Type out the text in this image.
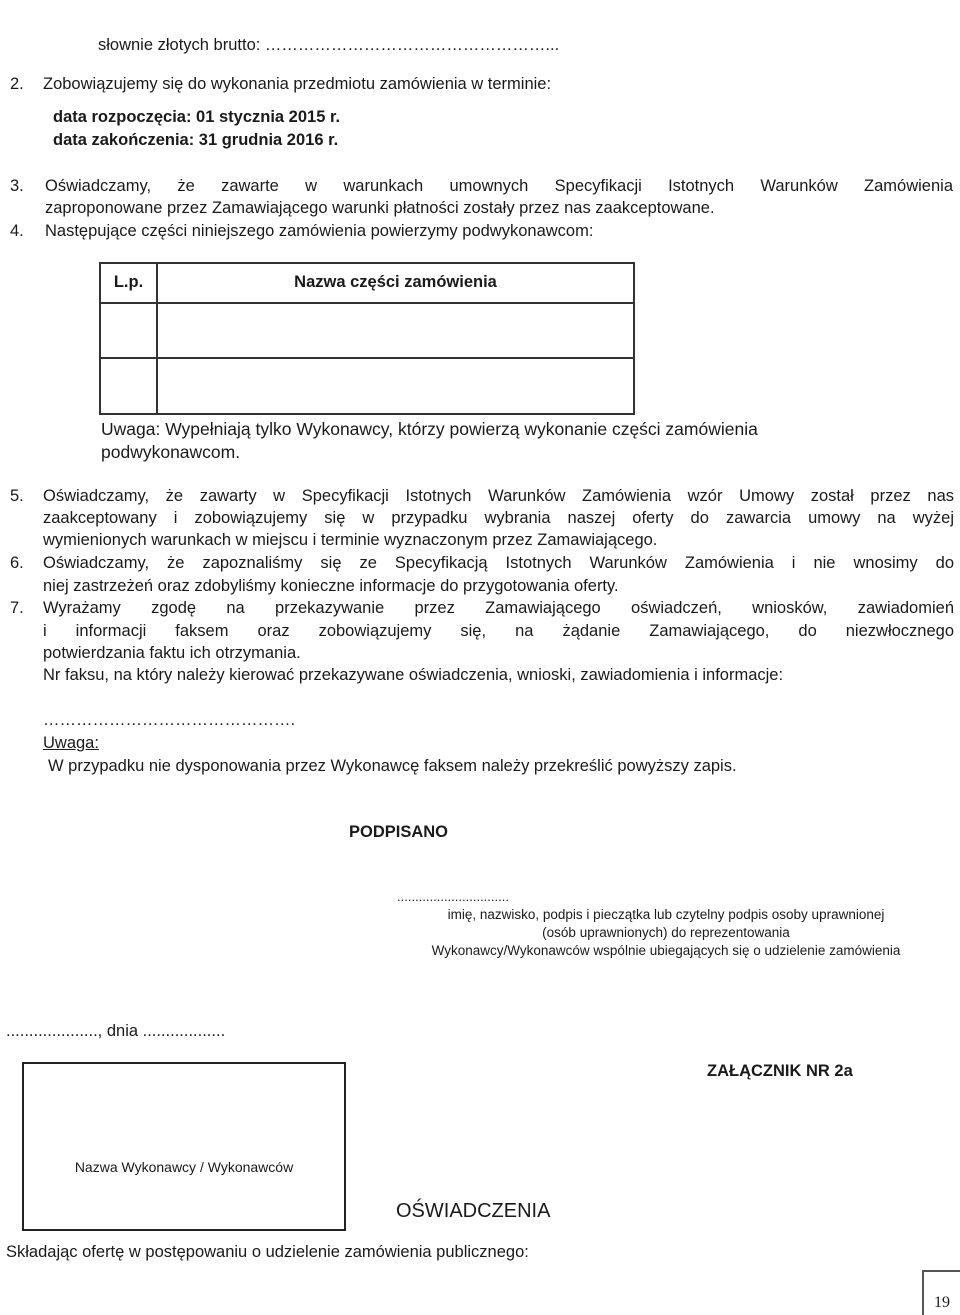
słownie złotych brutto: ……………………………………………...
2. Zobowiązujemy się do wykonania przedmiotu zamówienia w terminie:
data rozpoczęcia: 01 stycznia 2015 r.
data zakończenia: 31 grudnia 2016 r.
3. Oświadczamy, że zawarte w warunkach umownych Specyfikacji Istotnych Warunków Zamówienia
zaproponowane przez Zamawiającego warunki płatności zostały przez nas zaakceptowane.
4. Następujące części niniejszego zamówienia powierzymy podwykonawcom:
L.p.	Nazwa części zamówienia

Uwaga: Wypełniają tylko Wykonawcy, którzy powierzą wykonanie części zamówienia
podwykonawcom.
5. Oświadczamy, że zawarty w Specyfikacji Istotnych Warunków Zamówienia wzór Umowy został przez nas
zaakceptowany i zobowiązujemy się w przypadku wybrania naszej oferty do zawarcia umowy na wyżej
wymienionych warunkach w miejscu i terminie wyznaczonym przez Zamawiającego.
6. Oświadczamy, że zapoznaliśmy się ze Specyfikacją Istotnych Warunków Zamówienia i nie wnosimy do
niej zastrzeżeń oraz zdobyliśmy konieczne informacje do przygotowania oferty.
7. Wyrażamy zgodę na przekazywanie przez Zamawiającego oświadczeń, wniosków, zawiadomień
i informacji faksem oraz zobowiązujemy się, na żądanie Zamawiającego, do niezwłocznego
potwierdzania faktu ich otrzymania.
Nr faksu, na który należy kierować przekazywane oświadczenia, wnioski, zawiadomienia i informacje:
……………………………………….
Uwaga:
W przypadku nie dysponowania przez Wykonawcę faksem należy przekreślić powyższy zapis.
PODPISANO
...............................
imię, nazwisko, podpis i pieczątka lub czytelny podpis osoby uprawnionej
(osób uprawnionych) do reprezentowania
Wykonawcy/Wykonawców wspólnie ubiegających się o udzielenie zamówienia
...................., dnia ..................
ZAŁĄCZNIK NR 2a
Nazwa Wykonawcy / Wykonawców
OŚWIADCZENIA
Składając ofertę w postępowaniu o udzielenie zamówienia publicznego:
19
